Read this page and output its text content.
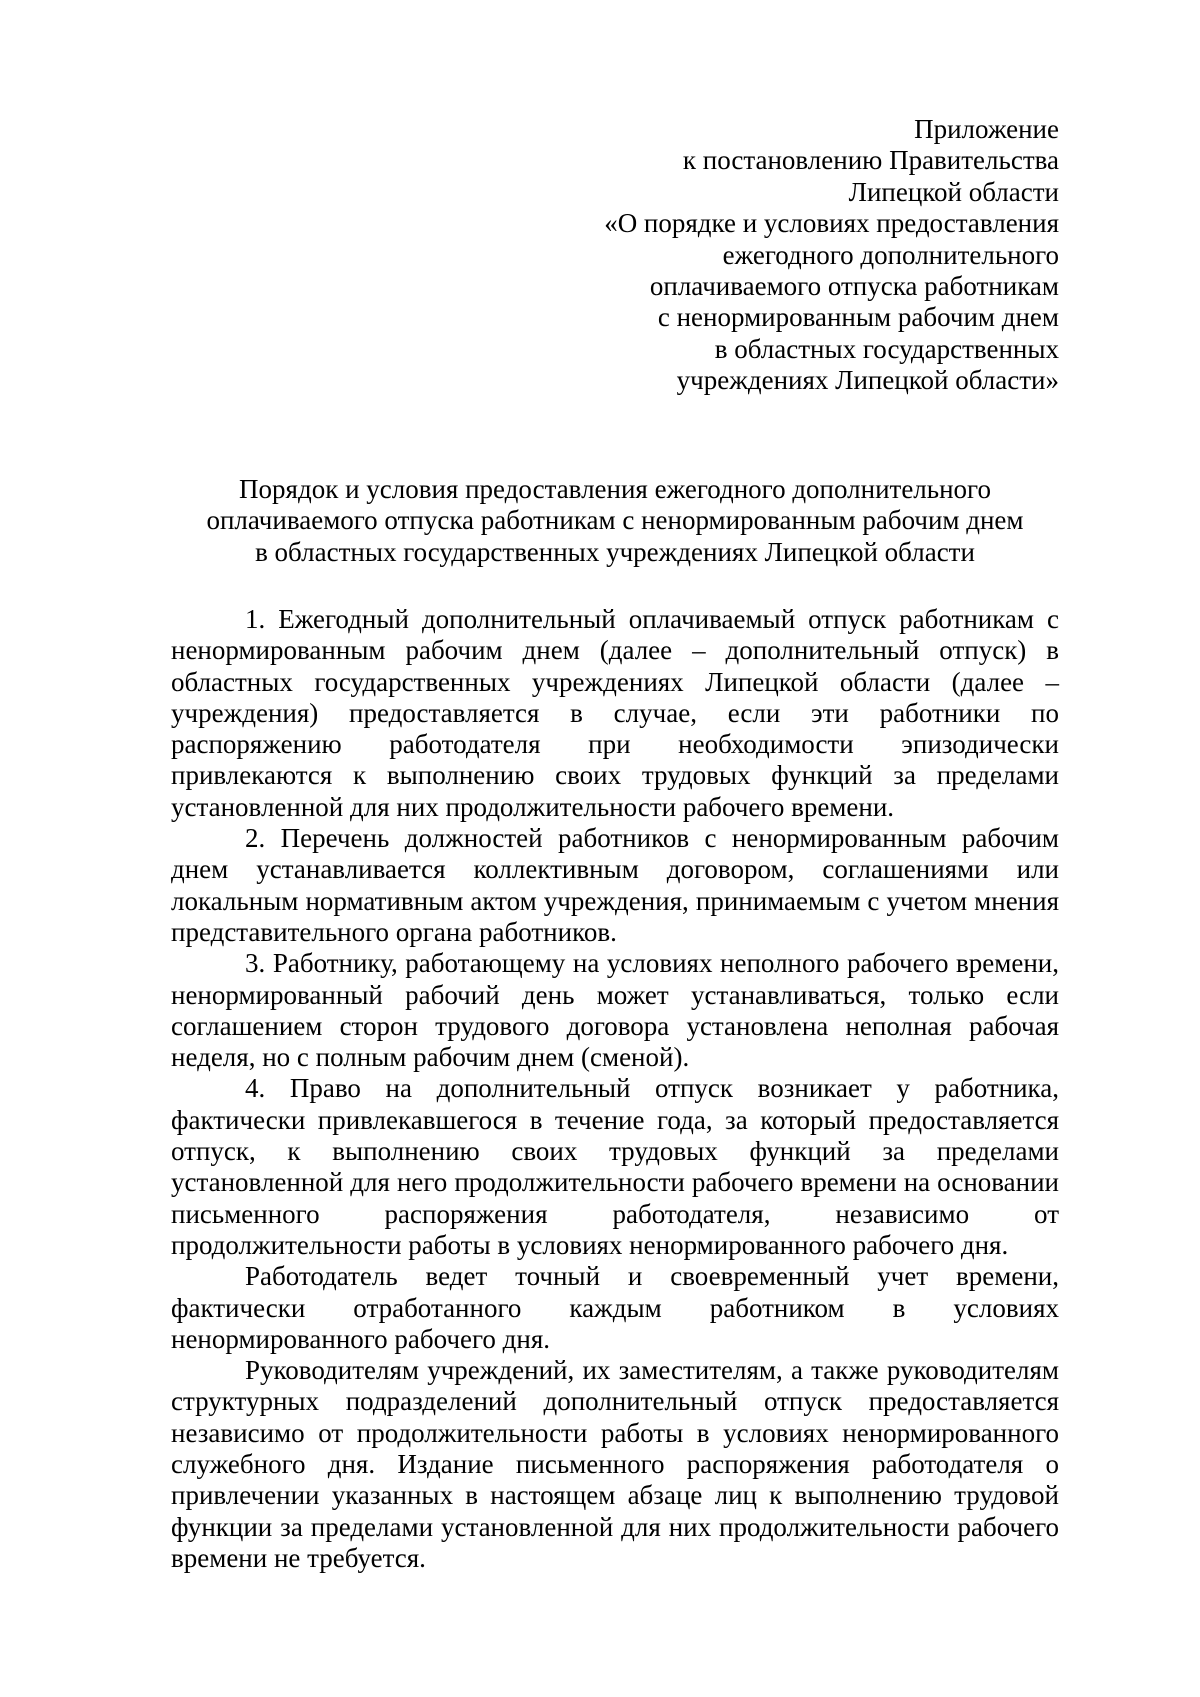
Приложение
к постановлению Правительства
Липецкой области
«О порядке и условиях предоставления
ежегодного дополнительного
оплачиваемого отпуска работникам
с ненормированным рабочим днем
в областных государственных
учреждениях Липецкой области»
Порядок и условия предоставления ежегодного дополнительного
оплачиваемого отпуска работникам с ненормированным рабочим днем
в областных государственных учреждениях Липецкой области

1. Ежегодный дополнительный оплачиваемый отпуск работникам с ненормированным рабочим днем (далее – дополнительный отпуск) в областных государственных учреждениях Липецкой области (далее – учреждения) предоставляется в случае, если эти работники по распоряжению работодателя при необходимости эпизодически привлекаются к выполнению своих трудовых функций за пределами установленной для них продолжительности рабочего времени.

2. Перечень должностей работников с ненормированным рабочим днем устанавливается коллективным договором, соглашениями или локальным нормативным актом учреждения, принимаемым с учетом мнения представительного органа работников.

3. Работнику, работающему на условиях неполного рабочего времени, ненормированный рабочий день может устанавливаться, только если соглашением сторон трудового договора установлена неполная рабочая неделя, но с полным рабочим днем (сменой).

4. Право на дополнительный отпуск возникает у работника, фактически привлекавшегося в течение года, за который предоставляется отпуск, к выполнению своих трудовых функций за пределами установленной для него продолжительности рабочего времени на основании письменного распоряжения работодателя, независимо от продолжительности работы в условиях ненормированного рабочего дня.

Работодатель ведет точный и своевременный учет времени, фактически отработанного каждым работником в условиях ненормированного рабочего дня.

Руководителям учреждений, их заместителям, а также руководителям структурных подразделений дополнительный отпуск предоставляется независимо от продолжительности работы в условиях ненормированного служебного дня. Издание письменного распоряжения работодателя о привлечении указанных в настоящем абзаце лиц к выполнению трудовой функции за пределами установленной для них продолжительности рабочего времени не требуется.
